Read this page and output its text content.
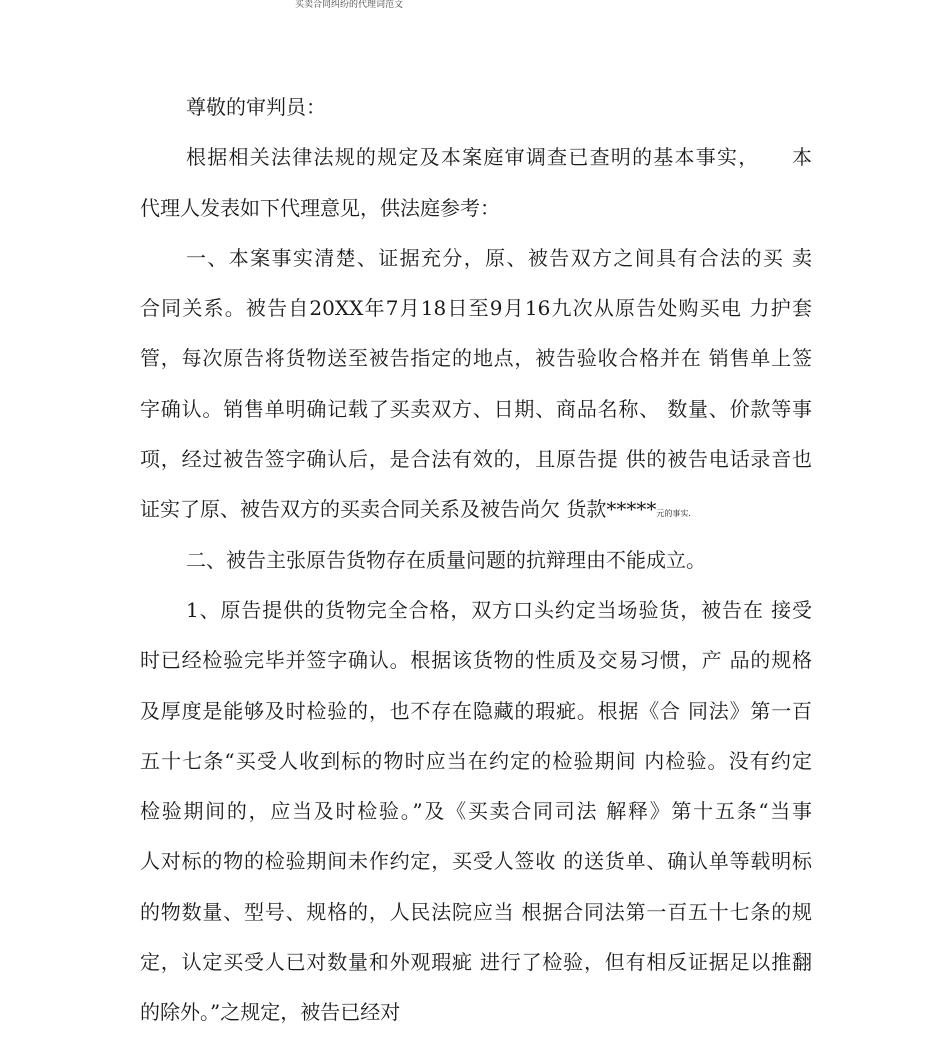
买卖合同纠纷的代理词范文
尊敬的审判员：
根据相关法律法规的规定及本案庭审调查已查明的基本事实，　　本
代理人发表如下代理意见，供法庭参考：
一、本案事实清楚、证据充分，原、被告双方之间具有合法的买 卖
合同关系。被告自20XX年7月18日至9月16九次从原告处购买电 力护套
管，每次原告将货物送至被告指定的地点，被告验收合格并在 销售单上签
字确认。销售单明确记载了买卖双方、日期、商品名称、 数量、价款等事
项，经过被告签字确认后，是合法有效的，且原告提 供的被告电话录音也
证实了原、被告双方的买卖合同关系及被告尚欠 货款*****元的事实.
二、被告主张原告货物存在质量问题的抗辩理由不能成立。
1、原告提供的货物完全合格，双方口头约定当场验货，被告在 接受
时已经检验完毕并签字确认。根据该货物的性质及交易习惯，产 品的规格
及厚度是能够及时检验的，也不存在隐藏的瑕疵。根据《合 同法》第一百
五十七条“买受人收到标的物时应当在约定的检验期间 内检验。没有约定
检验期间的，应当及时检验。”及《买卖合同司法 解释》第十五条“当事
人对标的物的检验期间未作约定，买受人签收 的送货单、确认单等载明标
的物数量、型号、规格的，人民法院应当 根据合同法第一百五十七条的规
定，认定买受人已对数量和外观瑕疵 进行了检验，但有相反证据足以推翻
的除外。”之规定，被告已经对
